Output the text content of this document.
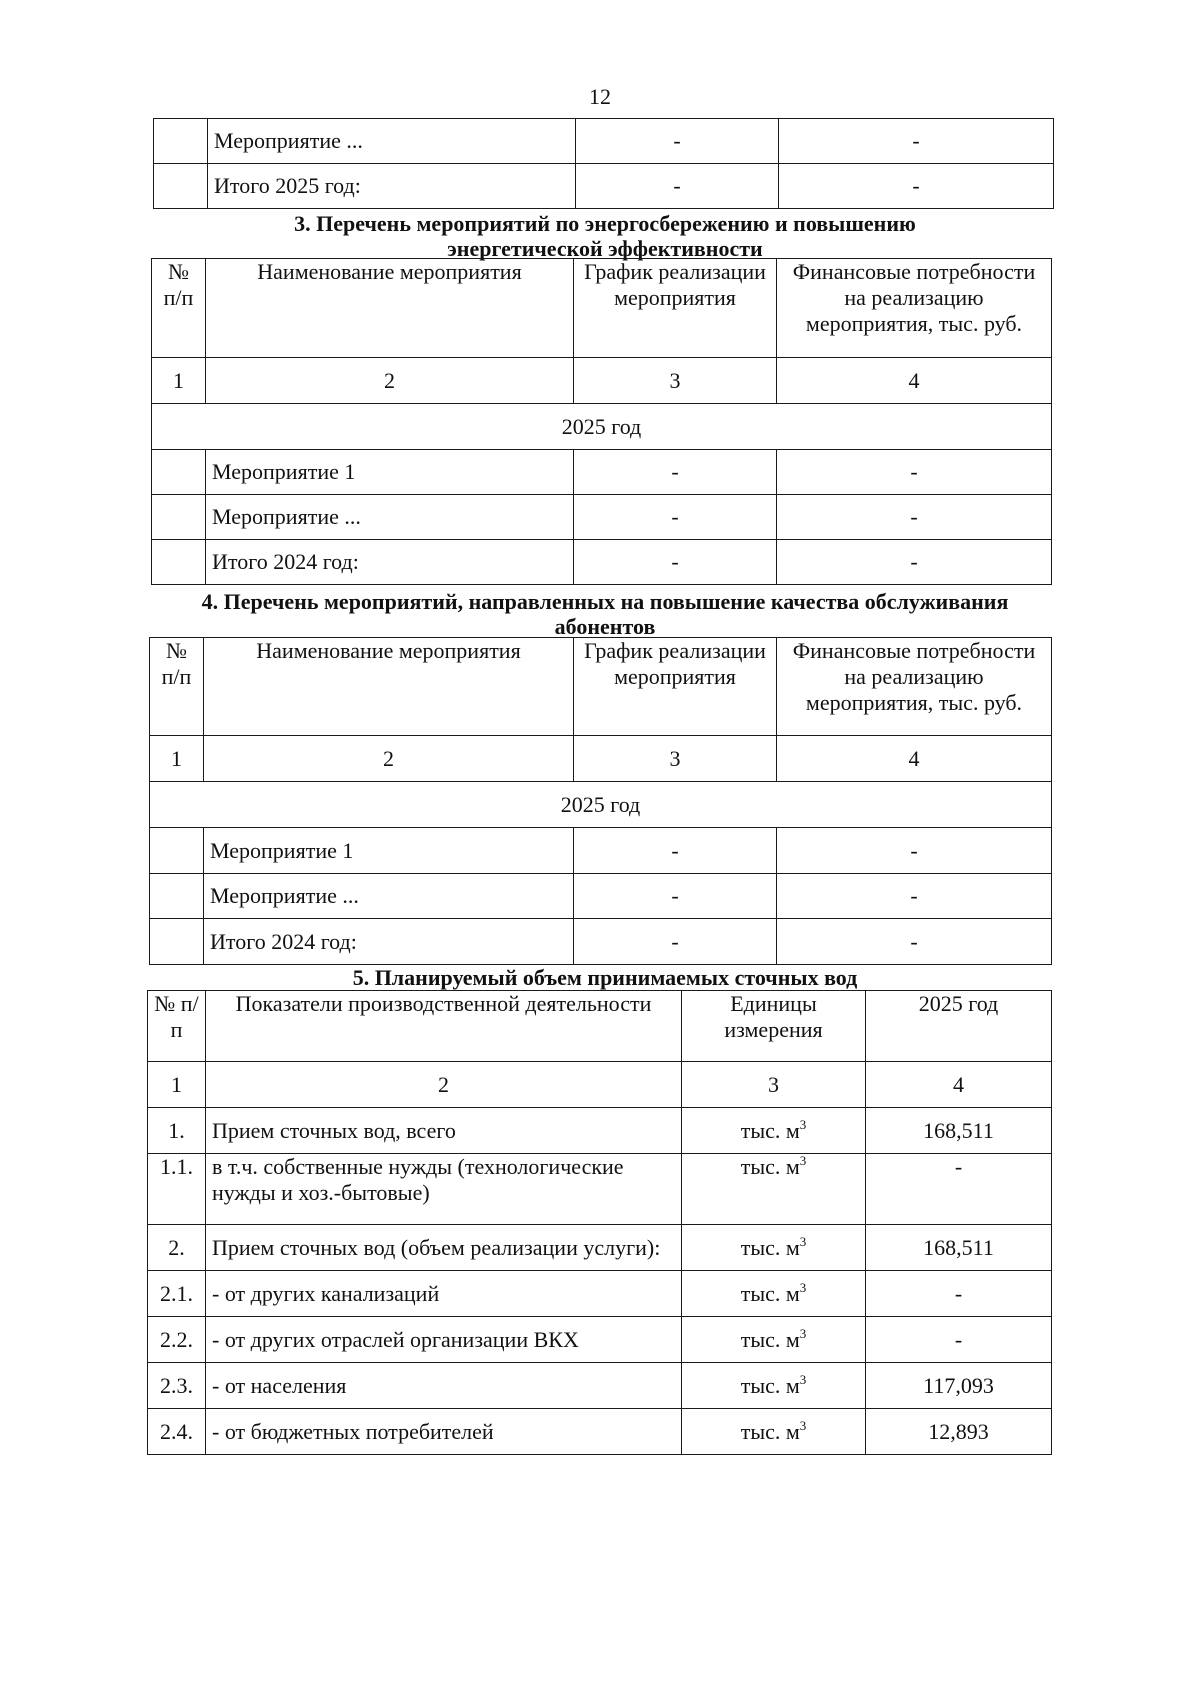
12
	Мероприятие ...	-	-
	Итого 2025 год:	-	-
3. Перечень мероприятий по энергосбережению и повышению
энергетической эффективности
№ п/п	Наименование мероприятия	График реализации мероприятия	Финансовые потребности на реализацию мероприятия, тыс. руб.
1	2	3	4
2025 год			
	Мероприятие 1	-	-
	Мероприятие ...	-	-
	Итого 2024 год:	-	-
4. Перечень мероприятий, направленных на повышение качества обслуживания
абонентов
№ п/п	Наименование мероприятия	График реализации мероприятия	Финансовые потребности на реализацию мероприятия, тыс. руб.
1	2	3	4
2025 год			
	Мероприятие 1	-	-
	Мероприятие ...	-	-
	Итого 2024 год:	-	-
5. Планируемый объем принимаемых сточных вод
№ п/п	Показатели производственной деятельности	Единицы измерения	2025 год
1	2	3	4
1.	Прием сточных вод, всего	тыс. $м^3$	168,511
1.1.	в т.ч. собственные нужды (технологические нужды и хоз.-бытовые)	тыс. $м^3$	-
2.	Прием сточных вод (объем реализации услуги):	тыс. $м^3$	168,511
2.1.	- от других канализаций	тыс. $м^3$	-
2.2.	- от других отраслей организации ВКХ	тыс. $м^3$	-
2.3.	- от населения	тыс. $м^3$	117,093
2.4.	- от бюджетных потребителей	тыс. $м^3$	12,893
